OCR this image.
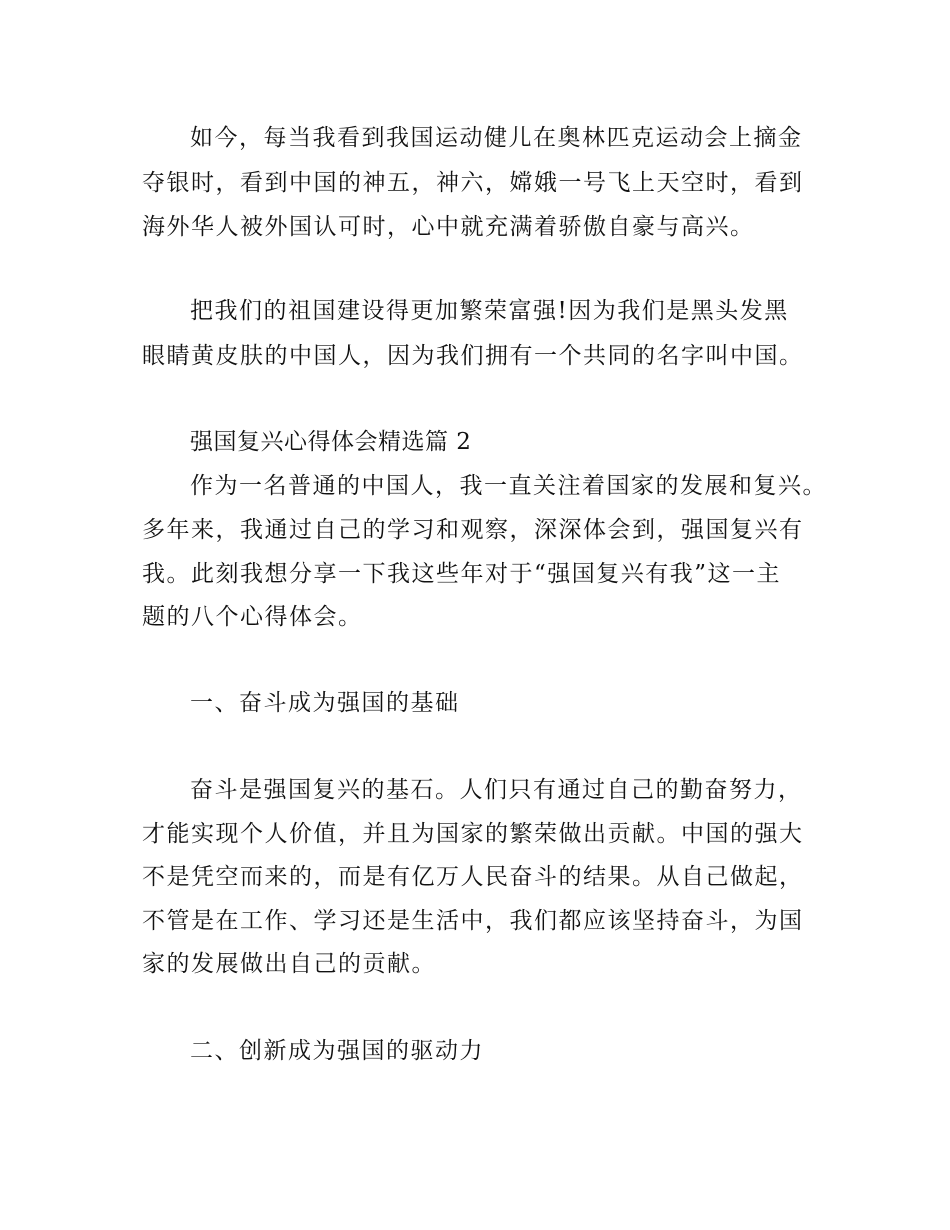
如今，每当我看到我国运动健儿在奥林匹克运动会上摘金
夺银时，看到中国的神五，神六，嫦娥一号飞上天空时，看到
海外华人被外国认可时，心中就充满着骄傲自豪与高兴。
把我们的祖国建设得更加繁荣富强!因为我们是黑头发黑
眼睛黄皮肤的中国人，因为我们拥有一个共同的名字叫中国。
强国复兴心得体会精选篇 2
作为一名普通的中国人，我一直关注着国家的发展和复兴。
多年来，我通过自己的学习和观察，深深体会到，强国复兴有
我。此刻我想分享一下我这些年对于“强国复兴有我”这一主
题的八个心得体会。
一、奋斗成为强国的基础
奋斗是强国复兴的基石。人们只有通过自己的勤奋努力，
才能实现个人价值，并且为国家的繁荣做出贡献。中国的强大
不是凭空而来的，而是有亿万人民奋斗的结果。从自己做起，
不管是在工作、学习还是生活中，我们都应该坚持奋斗，为国
家的发展做出自己的贡献。
二、创新成为强国的驱动力
